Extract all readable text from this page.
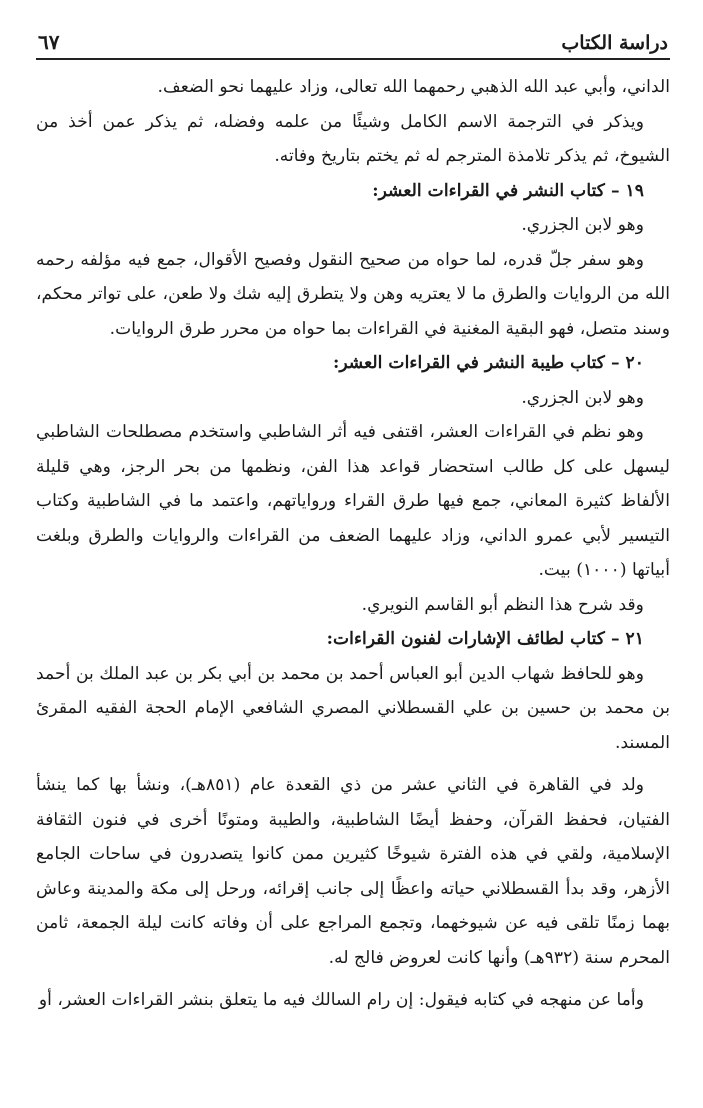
دراسة الكتاب
٦٧

الداني، وأبي عبد الله الذهبي رحمهما الله تعالى، وزاد عليهما نحو الضعف.

ويذكر في الترجمة الاسم الكامل وشيئًا من علمه وفضله، ثم يذكر عمن أخذ من الشيوخ، ثم يذكر تلامذة المترجم له ثم يختم بتاريخ وفاته.

١٩ – كتاب النشر في القراءات العشر:

وهو لابن الجزري.

وهو سفر جلّ قدره، لما حواه من صحيح النقول وفصيح الأقوال، جمع فيه مؤلفه رحمه الله من الروايات والطرق ما لا يعتريه وهن ولا يتطرق إليه شك ولا طعن، على تواتر محكم، وسند متصل، فهو البقية المغنية في القراءات بما حواه من محرر طرق الروايات.

٢٠ – كتاب طيبة النشر في القراءات العشر:

وهو لابن الجزري.

وهو نظم في القراءات العشر، اقتفى فيه أثر الشاطبي واستخدم مصطلحات الشاطبي ليسهل على كل طالب استحضار قواعد هذا الفن، ونظمها من بحر الرجز، وهي قليلة الألفاظ كثيرة المعاني، جمع فيها طرق القراء ورواياتهم، واعتمد ما في الشاطبية وكتاب التيسير لأبي عمرو الداني، وزاد عليهما الضعف من القراءات والروايات والطرق وبلغت أبياتها (١٠٠٠) بيت.

وقد شرح هذا النظم أبو القاسم النويري.

٢١ – كتاب لطائف الإشارات لفنون القراءات:

وهو للحافظ شهاب الدين أبو العباس أحمد بن محمد بن أبي بكر بن عبد الملك بن أحمد بن محمد بن حسين بن علي القسطلاني المصري الشافعي الإمام الحجة الفقيه المقرئ المسند.

ولد في القاهرة في الثاني عشر من ذي القعدة عام (٨٥١هـ)، ونشأ بها كما ينشأ الفتيان، فحفظ القرآن، وحفظ أيضًا الشاطبية، والطيبة ومتونًا أخرى في فنون الثقافة الإسلامية، ولقي في هذه الفترة شيوخًا كثيرين ممن كانوا يتصدرون في ساحات الجامع الأزهر، وقد بدأ القسطلاني حياته واعظًا إلى جانب إقرائه، ورحل إلى مكة والمدينة وعاش بهما زمنًا تلقى فيه عن شيوخهما، وتجمع المراجع على أن وفاته كانت ليلة الجمعة، ثامن المحرم سنة (٩٣٢هـ) وأنها كانت لعروض فالج له.

وأما عن منهجه في كتابه فيقول: إن رام السالك فيه ما يتعلق بنشر القراءات العشر، أو
